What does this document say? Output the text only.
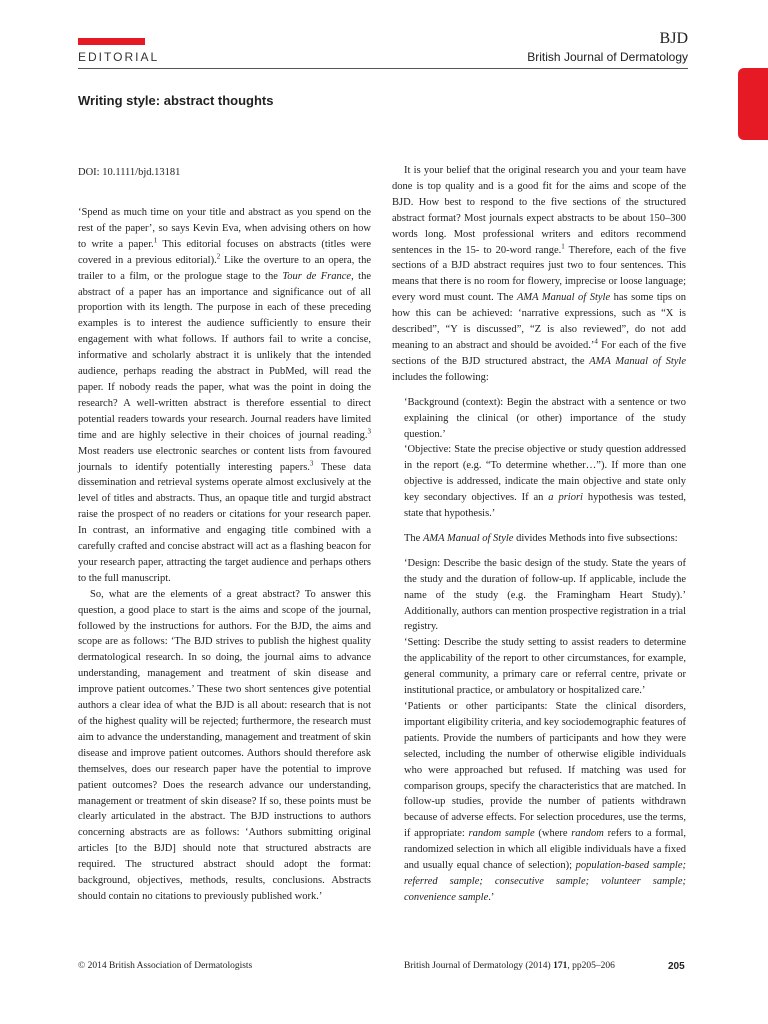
EDITORIAL
BJD
British Journal of Dermatology
Writing style: abstract thoughts
DOI: 10.1111/bjd.13181

‘Spend as much time on your title and abstract as you spend on the rest of the paper’, so says Kevin Eva, when advising others on how to write a paper.$^1$ This editorial focuses on abstracts (titles were covered in a previous editorial).$^2$ Like the overture to an opera, the trailer to a film, or the prologue stage to the Tour de France, the abstract of a paper has an importance and significance out of all proportion with its length. The purpose in each of these preceding examples is to interest the audience sufficiently to ensure their engagement with what follows. If authors fail to write a concise, informative and scholarly abstract it is unlikely that the intended audience, perhaps reading the abstract in PubMed, will read the paper. If nobody reads the paper, what was the point in doing the research? A well-written abstract is therefore essential to direct potential readers towards your research. Journal readers have limited time and are highly selective in their choices of journal reading.$^3$ Most readers use electronic searches or content lists from favoured journals to identify potentially interesting papers.$^3$ These data dissemination and retrieval systems operate almost exclusively at the level of titles and abstracts. Thus, an opaque title and turgid abstract raise the prospect of no readers or citations for your research paper. In contrast, an informative and engaging title combined with a carefully crafted and concise abstract will act as a flashing beacon for your research paper, attracting the target audience and perhaps others to the full manuscript.

So, what are the elements of a great abstract? To answer this question, a good place to start is the aims and scope of the journal, followed by the instructions for authors. For the BJD, the aims and scope are as follows: ‘The BJD strives to publish the highest quality dermatological research. In so doing, the journal aims to advance understanding, management and treatment of skin disease and improve patient outcomes.’ These two short sentences give potential authors a clear idea of what the BJD is all about: research that is not of the highest quality will be rejected; furthermore, the research must aim to advance the understanding, management and treatment of skin disease and improve patient outcomes. Authors should therefore ask themselves, does our research paper have the potential to improve patient outcomes? Does the research advance our understanding, management or treatment of skin disease? If so, these points must be clearly articulated in the abstract. The BJD instructions to authors concerning abstracts are as follows: ‘Authors submitting original articles [to the BJD] should note that structured abstracts are required. The structured abstract should adopt the format: background, objectives, methods, results, conclusions. Abstracts should contain no citations to previously published work.’

It is your belief that the original research you and your team have done is top quality and is a good fit for the aims and scope of the BJD. How best to respond to the five sections of the structured abstract format? Most journals expect abstracts to be about 150–300 words long. Most professional writers and editors recommend sentences in the 15- to 20-word range.$^1$ Therefore, each of the five sections of a BJD abstract requires just two to four sentences. This means that there is no room for flowery, imprecise or loose language; every word must count. The AMA Manual of Style has some tips on how this can be achieved: ‘narrative expressions, such as “X is described”, “Y is discussed”, “Z is also reviewed”, do not add meaning to an abstract and should be avoided.’$^4$ For each of the five sections of the BJD structured abstract, the AMA Manual of Style includes the following:

‘Background (context): Begin the abstract with a sentence or two explaining the clinical (or other) importance of the study question.’

‘Objective: State the precise objective or study question addressed in the report (e.g. “To determine whether…”). If more than one objective is addressed, indicate the main objective and state only key secondary objectives. If an a priori hypothesis was tested, state that hypothesis.’

The AMA Manual of Style divides Methods into five subsections:

‘Design: Describe the basic design of the study. State the years of the study and the duration of follow-up. If applicable, include the name of the study (e.g. the Framingham Heart Study).’ Additionally, authors can mention prospective registration in a trial registry.

‘Setting: Describe the study setting to assist readers to determine the applicability of the report to other circumstances, for example, general community, a primary care or referral centre, private or institutional practice, or ambulatory or hospitalized care.’

‘Patients or other participants: State the clinical disorders, important eligibility criteria, and key sociodemographic features of patients. Provide the numbers of participants and how they were selected, including the number of otherwise eligible individuals who were approached but refused. If matching was used for comparison groups, specify the characteristics that are matched. In follow-up studies, provide the number of patients withdrawn because of adverse effects. For selection procedures, use the terms, if appropriate: random sample (where random refers to a formal, randomized selection in which all eligible individuals have a fixed and usually equal chance of selection); population-based sample; referred sample; consecutive sample; volunteer sample; convenience sample.’

© 2014 British Association of Dermatologists	British Journal of Dermatology (2014) 171, pp205–206	205
